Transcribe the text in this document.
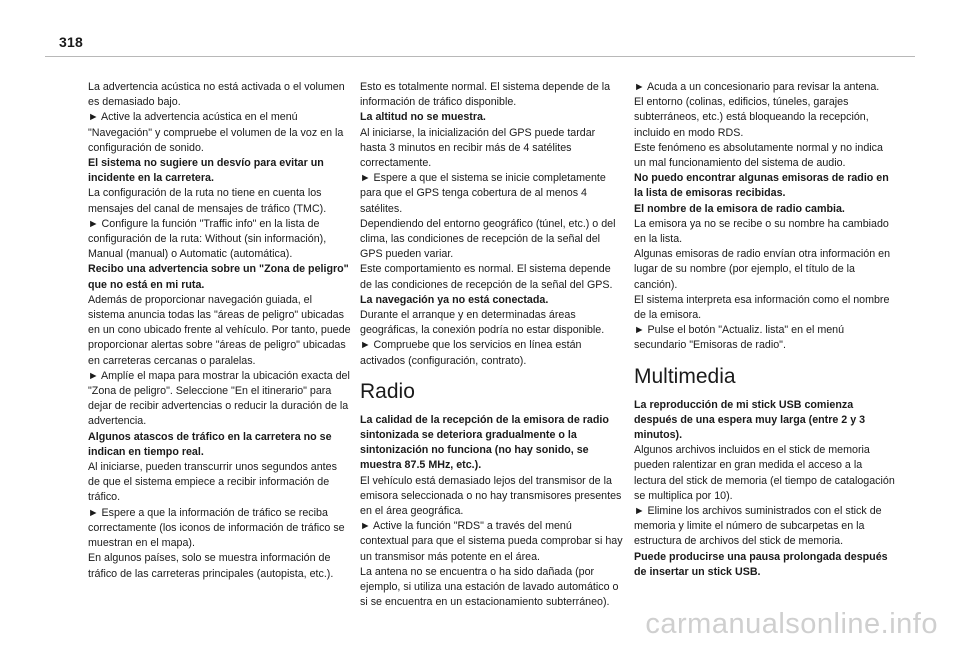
318

La advertencia acústica no está activada o el volumen es demasiado bajo.

► Active la advertencia acústica en el menú "Navegación" y compruebe el volumen de la voz en la configuración de sonido.

El sistema no sugiere un desvío para evitar un incidente en la carretera.

La configuración de la ruta no tiene en cuenta los mensajes del canal de mensajes de tráfico (TMC).

► Configure la función "Traffic info" en la lista de configuración de la ruta: Without (sin información), Manual (manual) o Automatic (automática).

Recibo una advertencia sobre un "Zona de peligro" que no está en mi ruta.

Además de proporcionar navegación guiada, el sistema anuncia todas las "áreas de peligro" ubicadas en un cono ubicado frente al vehículo. Por tanto, puede proporcionar alertas sobre "áreas de peligro" ubicadas en carreteras cercanas o paralelas.

► Amplíe el mapa para mostrar la ubicación exacta del "Zona de peligro". Seleccione "En el itinerario" para dejar de recibir advertencias o reducir la duración de la advertencia.

Algunos atascos de tráfico en la carretera no se indican en tiempo real.

Al iniciarse, pueden transcurrir unos segundos antes de que el sistema empiece a recibir información de tráfico.

► Espere a que la información de tráfico se reciba correctamente (los iconos de información de tráfico se muestran en el mapa).

En algunos países, solo se muestra información de tráfico de las carreteras principales (autopista, etc.).

Esto es totalmente normal. El sistema depende de la información de tráfico disponible.

La altitud no se muestra.

Al iniciarse, la inicialización del GPS puede tardar hasta 3 minutos en recibir más de 4 satélites correctamente.

► Espere a que el sistema se inicie completamente para que el GPS tenga cobertura de al menos 4 satélites.

Dependiendo del entorno geográfico (túnel, etc.) o del clima, las condiciones de recepción de la señal del GPS pueden variar.

Este comportamiento es normal. El sistema depende de las condiciones de recepción de la señal del GPS.

La navegación ya no está conectada.

Durante el arranque y en determinadas áreas geográficas, la conexión podría no estar disponible.

► Compruebe que los servicios en línea están activados (configuración, contrato).

Radio

La calidad de la recepción de la emisora de radio sintonizada se deteriora gradualmente o la sintonización no funciona (no hay sonido, se muestra 87.5 MHz, etc.).

El vehículo está demasiado lejos del transmisor de la emisora seleccionada o no hay transmisores presentes en el área geográfica.

► Active la función "RDS" a través del menú contextual para que el sistema pueda comprobar si hay un transmisor más potente en el área.

La antena no se encuentra o ha sido dañada (por ejemplo, si utiliza una estación de lavado automático o si se encuentra en un estacionamiento subterráneo).

► Acuda a un concesionario para revisar la antena.

El entorno (colinas, edificios, túneles, garajes subterráneos, etc.) está bloqueando la recepción, incluido en modo RDS.

Este fenómeno es absolutamente normal y no indica un mal funcionamiento del sistema de audio.

No puedo encontrar algunas emisoras de radio en la lista de emisoras recibidas.

El nombre de la emisora de radio cambia.

La emisora ya no se recibe o su nombre ha cambiado en la lista.

Algunas emisoras de radio envían otra información en lugar de su nombre (por ejemplo, el título de la canción).

El sistema interpreta esa información como el nombre de la emisora.

► Pulse el botón "Actualiz. lista" en el menú secundario "Emisoras de radio".

Multimedia

La reproducción de mi stick USB comienza después de una espera muy larga (entre 2 y 3 minutos).

Algunos archivos incluidos en el stick de memoria pueden ralentizar en gran medida el acceso a la lectura del stick de memoria (el tiempo de catalogación se multiplica por 10).

► Elimine los archivos suministrados con el stick de memoria y limite el número de subcarpetas en la estructura de archivos del stick de memoria.

Puede producirse una pausa prolongada después de insertar un stick USB.

carmanualsonline.info
